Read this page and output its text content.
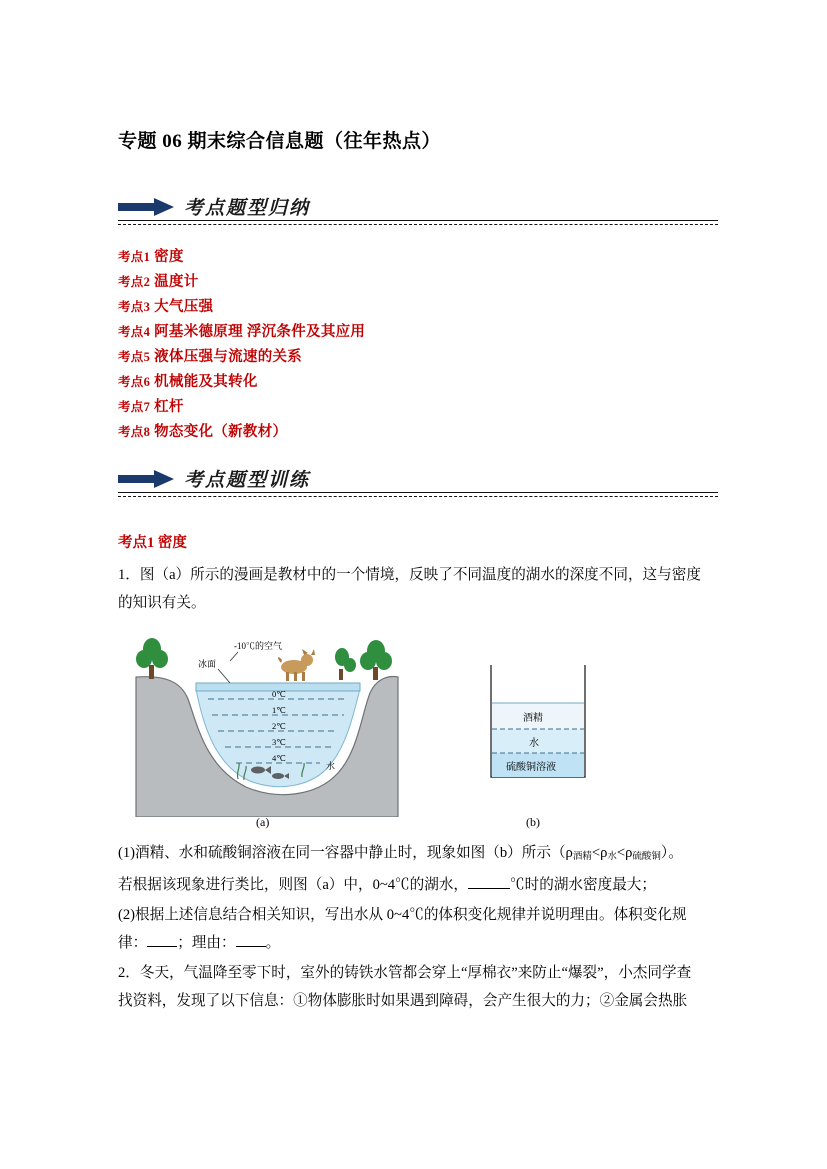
专题 06 期末综合信息题（往年热点）
考点题型归纳
考点1 密度
考点2 温度计
考点3 大气压强
考点4 阿基米德原理 浮沉条件及其应用
考点5 液体压强与流速的关系
考点6 机械能及其转化
考点7 杠杆
考点8 物态变化（新教材）
考点题型训练
考点1 密度
1．图（a）所示的漫画是教材中的一个情境，反映了不同温度的湖水的深度不同，这与密度
的知识有关。
0℃
1℃
2℃
3℃
4℃
水
-10℃的空气
冰面
(a)
酒精
水
硫酸铜溶液
(b)
(1)酒精、水和硫酸铜溶液在同一容器中静止时，现象如图（b）所示$(\rho_{酒精}<\rho_水<\rho_{硫酸铜})$。
若根据该现象进行类比，则图（a）中，0~4℃的湖水，	℃时的湖水密度最大；
(2)根据上述信息结合相关知识，写出水从 0~4℃的体积变化规律并说明理由。体积变化规
律： ；理由： 。
2．冬天，气温降至零下时，室外的铸铁水管都会穿上“厚棉衣”来防止“爆裂”，小杰同学查
找资料，发现了以下信息：①物体膨胀时如果遇到障碍，会产生很大的力；②金属会热胀
